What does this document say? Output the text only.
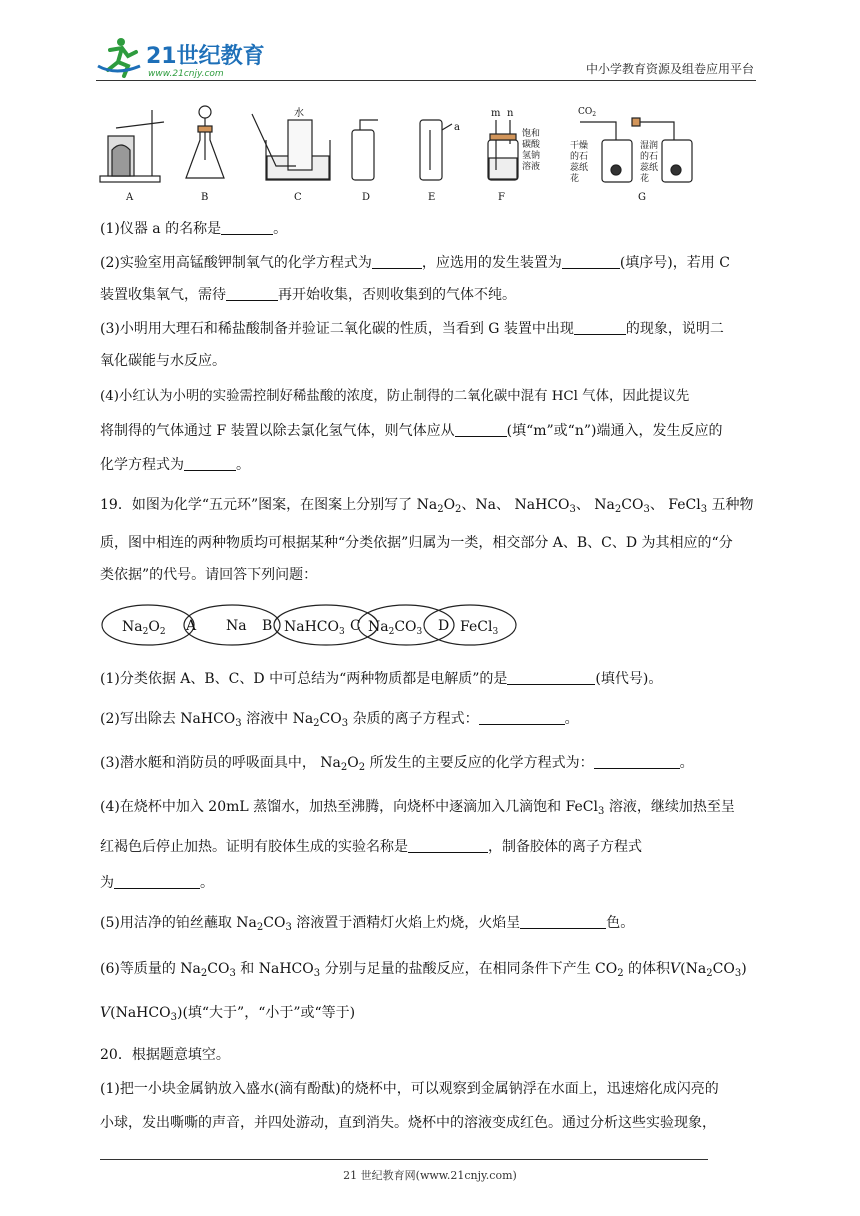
21世纪教育
www.21cnjy.com	中小学教育资源及组卷应用平台
A	B	C	D	E	F	G
水
a
m n
饱和
碳酸
氢钠
溶液
$CO_2$
干燥
的石
蕊纸
花
湿润
的石
蕊纸
花
(1)仪器 a 的名称是	。
(2)实验室用高锰酸钾制氧气的化学方程式为	，应选用的发生装置为	(填序号)，若用 C
装置收集氧气，需待	再开始收集，否则收集到的气体不纯。
(3)小明用大理石和稀盐酸制备并验证二氧化碳的性质，当看到 G 装置中出现	的现象，说明二
氧化碳能与水反应。
(4)小红认为小明的实验需控制好稀盐酸的浓度，防止制得的二氧化碳中混有 HCl 气体，因此提议先
将制得的气体通过 F 装置以除去氯化氢气体，则气体应从	(填“m”或“n”)端通入，发生反应的
化学方程式为	。
19．如图为化学“五元环”图案，在图案上分别写了 $Na_2O_2$、Na、 NaHCO$_3$、 $Na_2CO_3$、 FeCl$_3$ 五种物
质，图中相连的两种物质均可根据某种“分类依据”归属为一类，相交部分 A、B、C、D 为其相应的“分
类依据”的代号。请回答下列问题：
$Na_2O_2$ A Na B NaHCO$_3$ C $Na_2CO_3$ D FeCl$_3$
(1)分类依据 A、B、C、D 中可总结为“两种物质都是电解质”的是	(填代号)。
(2)写出除去 NaHCO$_3$ 溶液中 $Na_2CO_3$ 杂质的离子方程式：	。
(3)潜水艇和消防员的呼吸面具中， $Na_2O_2$ 所发生的主要反应的化学方程式为：	。
(4)在烧杯中加入 20mL 蒸馏水，加热至沸腾，向烧杯中逐滴加入几滴饱和 FeCl$_3$ 溶液，继续加热至呈
红褐色后停止加热。证明有胶体生成的实验名称是	，制备胶体的离子方程式
为	。
(5)用洁净的铂丝蘸取 $Na_2CO_3$ 溶液置于酒精灯火焰上灼烧，火焰呈	色。
(6)等质量的 $Na_2CO_3$ 和 NaHCO$_3$ 分别与足量的盐酸反应，在相同条件下产生 $CO_2$ 的体积$V(Na_2CO_3)$
V(NaHCO$_3$)(填“大于”，“小于”或“等于)
20．根据题意填空。
(1)把一小块金属钠放入盛水(滴有酚酞)的烧杯中，可以观察到金属钠浮在水面上，迅速熔化成闪亮的
小球，发出嘶嘶的声音，并四处游动，直到消失。烧杯中的溶液变成红色。通过分析这些实验现象，
21 世纪教育网(www.21cnjy.com)
